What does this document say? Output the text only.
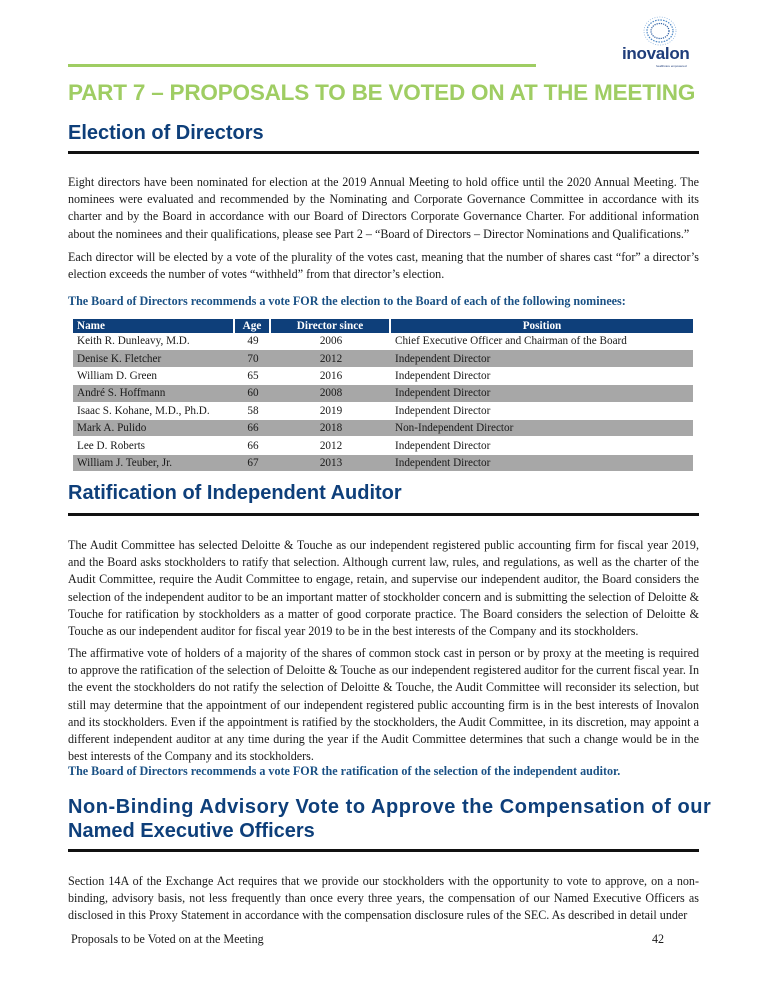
inovalon
healthcare empowered
PART 7 – PROPOSALS TO BE VOTED ON AT THE MEETING
Election of Directors
Eight directors have been nominated for election at the 2019 Annual Meeting to hold office until the 2020 Annual Meeting. The nominees were evaluated and recommended by the Nominating and Corporate Governance Committee in accordance with its charter and by the Board in accordance with our Board of Directors Corporate Governance Charter. For additional information about the nominees and their qualifications, please see Part 2 – “Board of Directors – Director Nominations and Qualifications.”
Each director will be elected by a vote of the plurality of the votes cast, meaning that the number of shares cast “for” a director’s election exceeds the number of votes “withheld” from that director’s election.
The Board of Directors recommends a vote FOR the election to the Board of each of the following nominees:
Name	Age	Director since	Position
Keith R. Dunleavy, M.D.	49	2006	Chief Executive Officer and Chairman of the Board
Denise K. Fletcher	70	2012	Independent Director
William D. Green	65	2016	Independent Director
André S. Hoffmann	60	2008	Independent Director
Isaac S. Kohane, M.D., Ph.D.	58	2019	Independent Director
Mark A. Pulido	66	2018	Non-Independent Director
Lee D. Roberts	66	2012	Independent Director
William J. Teuber, Jr.	67	2013	Independent Director
Ratification of Independent Auditor
The Audit Committee has selected Deloitte & Touche as our independent registered public accounting firm for fiscal year 2019, and the Board asks stockholders to ratify that selection. Although current law, rules, and regulations, as well as the charter of the Audit Committee, require the Audit Committee to engage, retain, and supervise our independent auditor, the Board considers the selection of the independent auditor to be an important matter of stockholder concern and is submitting the selection of Deloitte & Touche for ratification by stockholders as a matter of good corporate practice. The Board considers the selection of Deloitte & Touche as our independent auditor for fiscal year 2019 to be in the best interests of the Company and its stockholders.
The affirmative vote of holders of a majority of the shares of common stock cast in person or by proxy at the meeting is required to approve the ratification of the selection of Deloitte & Touche as our independent registered auditor for the current fiscal year. In the event the stockholders do not ratify the selection of Deloitte & Touche, the Audit Committee will reconsider its selection, but still may determine that the appointment of our independent registered public accounting firm is in the best interests of Inovalon and its stockholders. Even if the appointment is ratified by the stockholders, the Audit Committee, in its discretion, may appoint a different independent auditor at any time during the year if the Audit Committee determines that such a change would be in the best interests of the Company and its stockholders.
The Board of Directors recommends a vote FOR the ratification of the selection of the independent auditor.
Non-Binding Advisory Vote to Approve the Compensation of our
Named Executive Officers
Section 14A of the Exchange Act requires that we provide our stockholders with the opportunity to vote to approve, on a non-binding, advisory basis, not less frequently than once every three years, the compensation of our Named Executive Officers as disclosed in this Proxy Statement in accordance with the compensation disclosure rules of the SEC. As described in detail under
Proposals to be Voted on at the Meeting	42
